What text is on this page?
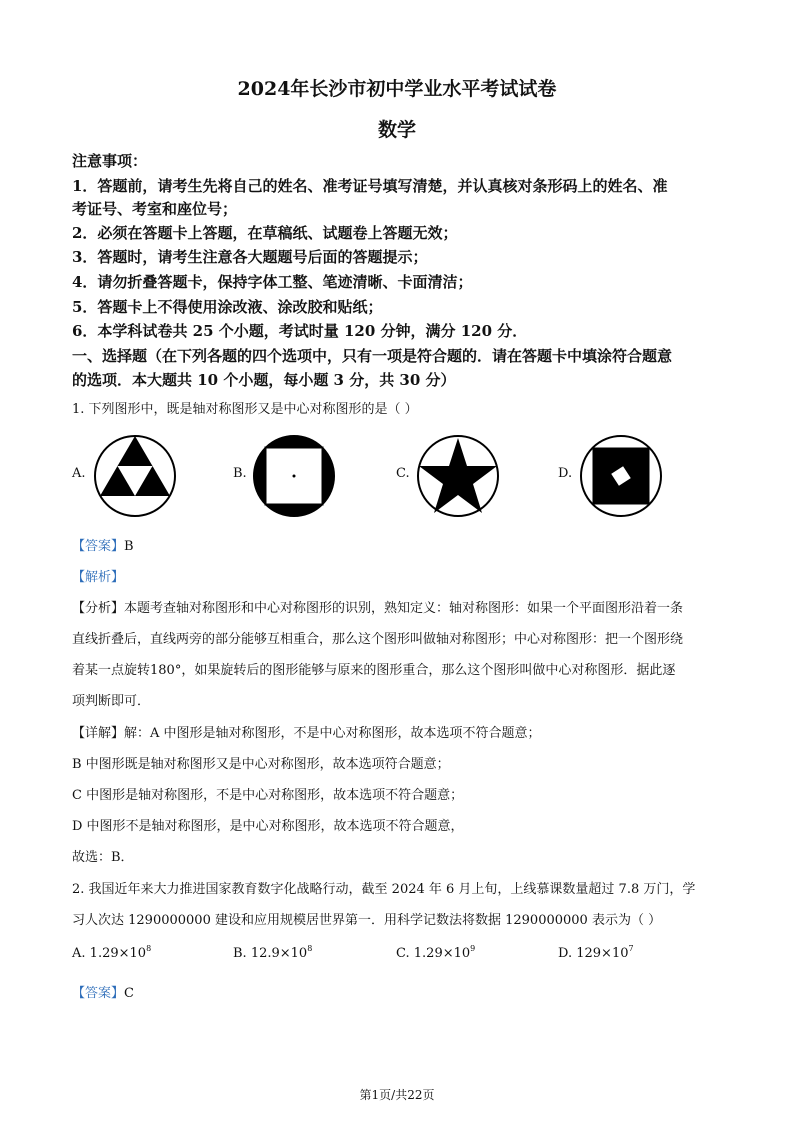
2024年长沙市初中学业水平考试试卷
数学
注意事项：
1．答题前，请考生先将自己的姓名、准考证号填写清楚，并认真核对条形码上的姓名、准
考证号、考室和座位号；
2．必须在答题卡上答题，在草稿纸、试题卷上答题无效；
3．答题时，请考生注意各大题题号后面的答题提示；
4．请勿折叠答题卡，保持字体工整、笔迹清晰、卡面清洁；
5．答题卡上不得使用涂改液、涂改胶和贴纸；
6．本学科试卷共 25 个小题，考试时量 120 分钟，满分 120 分．
一、选择题（在下列各题的四个选项中，只有一项是符合题的．请在答题卡中填涂符合题意
的选项．本大题共 10 个小题，每小题 3 分，共 30 分）
1. 下列图形中，既是轴对称图形又是中心对称图形的是（ ）
A.	B.	C.	D.
【答案】B
【解析】
【分析】本题考查轴对称图形和中心对称图形的识别，熟知定义：轴对称图形：如果一个平面图形沿着一条
直线折叠后，直线两旁的部分能够互相重合，那么这个图形叫做轴对称图形；中心对称图形：把一个图形绕
着某一点旋转180°，如果旋转后的图形能够与原来的图形重合，那么这个图形叫做中心对称图形．据此逐
项判断即可．
【详解】解：A 中图形是轴对称图形，不是中心对称图形，故本选项不符合题意；
B 中图形既是轴对称图形又是中心对称图形，故本选项符合题意；
C 中图形是轴对称图形，不是中心对称图形，故本选项不符合题意；
D 中图形不是轴对称图形，是中心对称图形，故本选项不符合题意，
故选：B．
2. 我国近年来大力推进国家教育数字化战略行动，截至 2024 年 6 月上旬，上线慕课数量超过 7.8 万门，学
习人次达 1290000000 建设和应用规模居世界第一．用科学记数法将数据 1290000000 表示为（ ）
A. $1.29\times 10^8$	B. $12.9\times 10^8$	C. $1.29\times 10^9$	D. $129\times 10^7$
【答案】C
第1页/共22页
